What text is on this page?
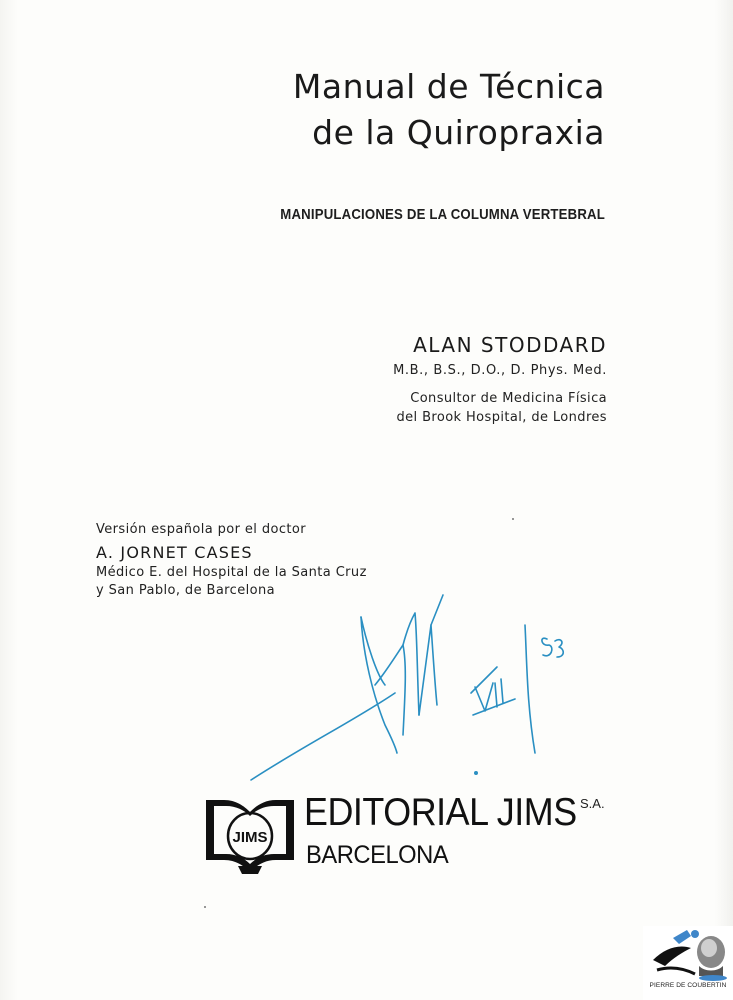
Manual de Técnica
de la Quiropraxia
MANIPULACIONES DE LA COLUMNA VERTEBRAL
ALAN STODDARD
M.B., B.S., D.O., D. Phys. Med.
Consultor de Medicina Física
del Brook Hospital, de Londres
Versión española por el doctor
A. JORNET CASES
Médico E. del Hospital de la Santa Cruz
y San Pablo, de Barcelona
JIMS
EDITORIAL JIMS S.A.
BARCELONA
PIERRE DE COUBERTIN
